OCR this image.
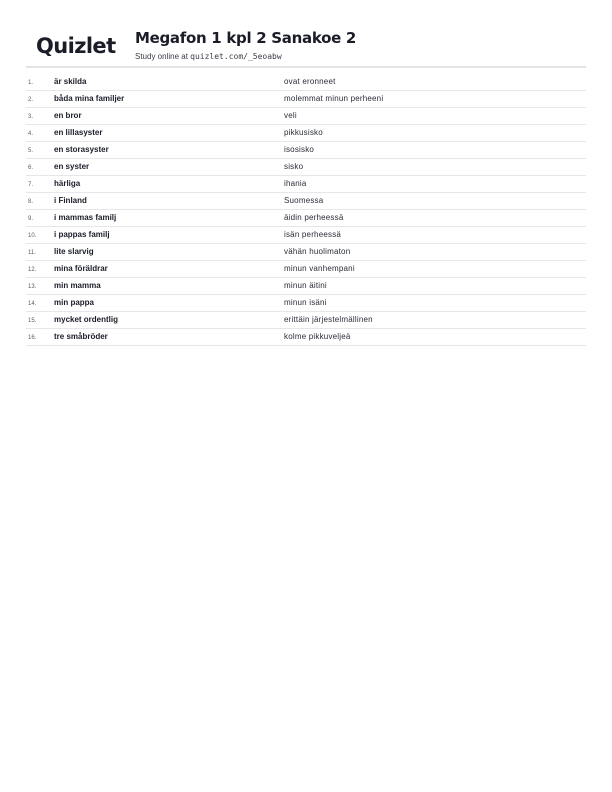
Quizlet Megafon 1 kpl 2 Sanakoe 2
Study online at quizlet.com/_5eoabw
1.	är skilda	ovat eronneet
2.	båda mina familjer	molemmat minun perheeni
3.	en bror	veli
4.	en lillasyster	pikkusisko
5.	en storasyster	isosisko
6.	en syster	sisko
7.	härliga	ihania
8.	i Finland	Suomessa
9.	i mammas familj	äidin perheessä
10. i pappas familj	isän perheessä
11. lite slarvig	vähän huolimaton
12. mina föräldrar	minun vanhempani
13. min mamma	minun äitini
14. min pappa	minun isäni
15. mycket ordentlig	erittäin järjestelmällinen
16. tre småbröder	kolme pikkuveljeä
